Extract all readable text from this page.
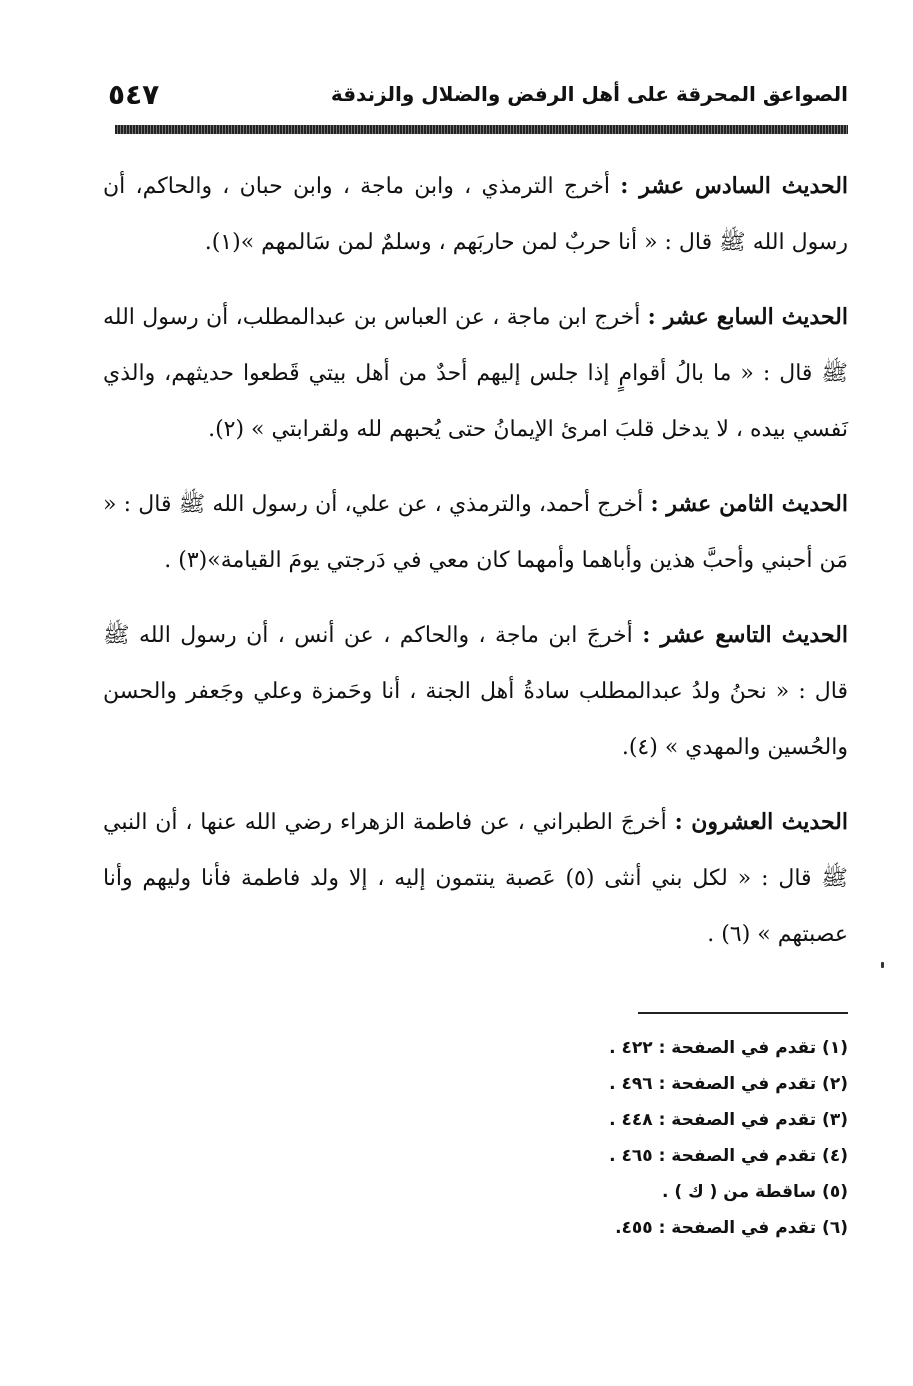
الصواعق المحرقة على أهل الرفض والضلال والزندقة
٥٤٧

الحديث السادس عشر : أخرج الترمذي ، وابن ماجة ، وابن حبان ، والحاكم، أن رسول الله ﷺ قال : « أنا حربٌ لمن حاربَهم ، وسلمٌ لمن سَالمهم »(١).

الحديث السابع عشر : أخرج ابن ماجة ، عن العباس بن عبدالمطلب، أن رسول الله ﷺ قال : « ما بالُ أقوامٍ إذا جلس إليهم أحدٌ من أهل بيتي قَطعوا حديثهم، والذي نَفسي بيده ، لا يدخل قلبَ امرئ الإيمانُ حتى يُحبهم لله ولقرابتي » (٢).

الحديث الثامن عشر : أخرج أحمد، والترمذي ، عن علي، أن رسول الله ﷺ قال : « مَن أحبني وأحبَّ هذين وأباهما وأمهما كان معي في دَرجتي يومَ القيامة»(٣) .

الحديث التاسع عشر : أخرجَ ابن ماجة ، والحاكم ، عن أنس ، أن رسول الله ﷺ قال : « نحنُ ولدُ عبدالمطلب سادةُ أهل الجنة ، أنا وحَمزة وعلي وجَعفر والحسن والحُسين والمهدي » (٤).

الحديث العشرون : أخرجَ الطبراني ، عن فاطمة الزهراء رضي الله عنها ، أن النبي ﷺ قال : « لكل بني أنثى (٥) عَصبة ينتمون إليه ، إلا ولد فاطمة فأنا وليهم وأنا عصبتهم » (٦) .

(١) تقدم في الصفحة : ٤٢٢ .
(٢) تقدم في الصفحة : ٤٩٦ .
(٣) تقدم في الصفحة : ٤٤٨ .
(٤) تقدم في الصفحة : ٤٦٥ .
(٥) ساقطة من ( ك ) .
(٦) تقدم في الصفحة : ٤٥٥.
